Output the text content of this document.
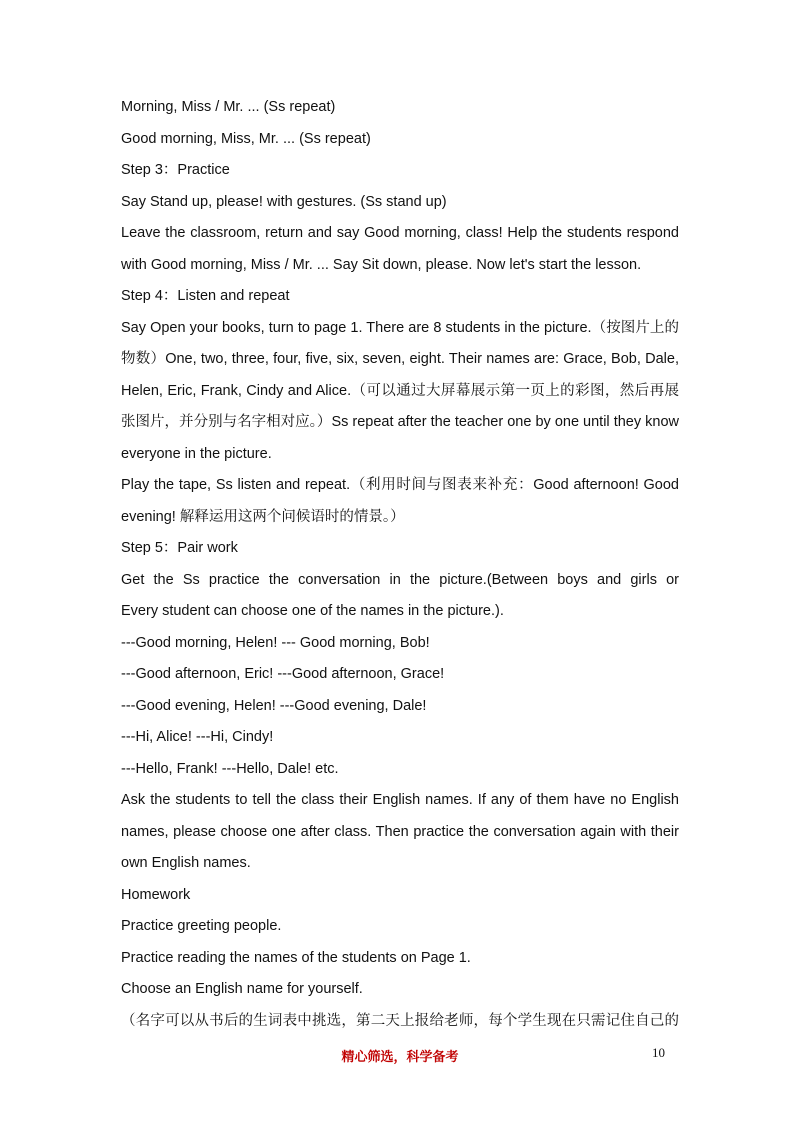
Morning, Miss / Mr. ... (Ss repeat)
Good morning, Miss, Mr. ... (Ss repeat)
Step 3：Practice
Say Stand up, please! with gestures. (Ss stand up)
Leave the classroom, return and say Good morning, class! Help the students respond
with Good morning, Miss / Mr. ... Say Sit down, please. Now let's start the lesson.
Step 4：Listen and repeat
Say Open your books, turn to page 1. There are 8 students in the picture.（按图片上的
物数）One, two, three, four, five, six, seven, eight. Their names are: Grace, Bob, Dale,
Helen, Eric, Frank, Cindy and Alice.（可以通过大屏幕展示第一页上的彩图，然后再展
张图片，并分别与名字相对应。）Ss repeat after the teacher one by one until they know
everyone in the picture.
Play the tape, Ss listen and repeat.（利用时间与图表来补充：Good afternoon! Good
evening! 解释运用这两个问候语时的情景。）
Step 5：Pair work
Get the Ss practice the conversation in the picture.(Between boys and girls or
Every student can choose one of the names in the picture.).
---Good morning, Helen! --- Good morning, Bob!
---Good afternoon, Eric! ---Good afternoon, Grace!
---Good evening, Helen! ---Good evening, Dale!
---Hi, Alice! ---Hi, Cindy!
---Hello, Frank! ---Hello, Dale! etc.
Ask the students to tell the class their English names. If any of them have no English
names, please choose one after class. Then practice the conversation again with their
own English names.
Homework
Practice greeting people.
Practice reading the names of the students on Page 1.
Choose an English name for yourself.
（名字可以从书后的生词表中挑选，第二天上报给老师，每个学生现在只需记住自己的
精心筛选，科学备考	10
